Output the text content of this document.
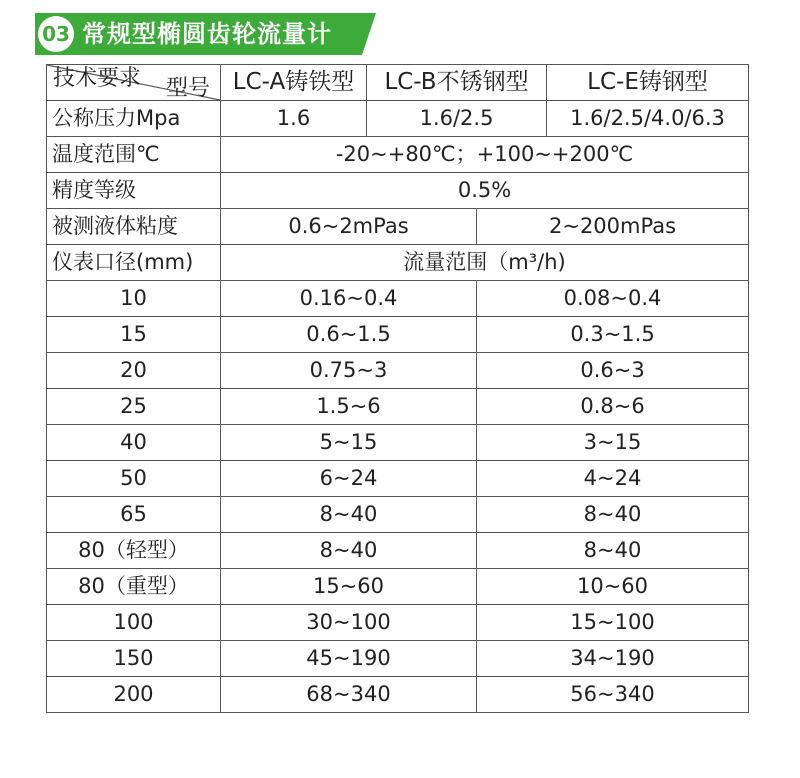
03 常规型椭圆齿轮流量计
型号
技术要求	LC-A铸铁型	LC-B不锈钢型		LC-E铸钢型
公称压力Mpa	1.6	1.6/2.5		1.6/2.5/4.0/6.3
温度范围℃	-20~+80℃；+100~+200℃			
精度等级	0.5%			
被测液体粘度	0.6~2mPas		2~200mPas	
仪表口径(mm)	流量范围（m³/h)			
10	0.16~0.4		0.08~0.4	
15	0.6~1.5		0.3~1.5	
20	0.75~3		0.6~3	
25	1.5~6		0.8~6	
40	5~15		3~15	
50	6~24		4~24	
65	8~40		8~40	
80（轻型）	8~40		8~40	
80（重型）	15~60		10~60	
100	30~100		15~100	
150	45~190		34~190	
200	68~340		56~340	
